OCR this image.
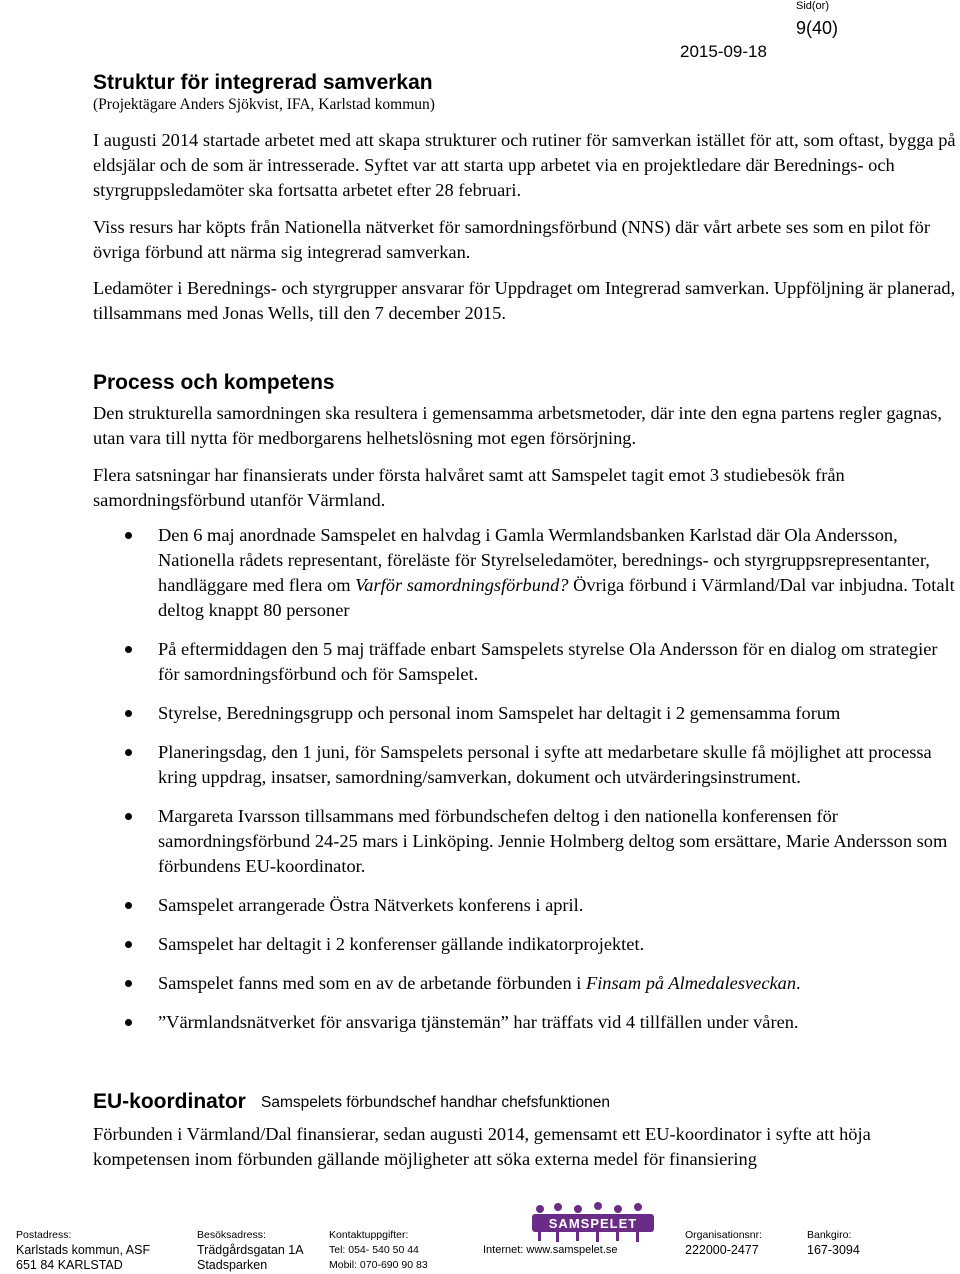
Sid(or)
9(40)
2015-09-18
Struktur för integrerad samverkan
(Projektägare Anders Sjökvist, IFA, Karlstad kommun)

I augusti 2014 startade arbetet med att skapa strukturer och rutiner för samverkan istället för att, som oftast, bygga på eldsjälar och de som är intresserade. Syftet var att starta upp arbetet via en projektledare där Berednings- och styrgruppsledamöter ska fortsatta arbetet efter 28 februari.

Viss resurs har köpts från Nationella nätverket för samordningsförbund (NNS) där vårt arbete ses som en pilot för övriga förbund att närma sig integrerad samverkan.

Ledamöter i Berednings- och styrgrupper ansvarar för Uppdraget om Integrerad samverkan. Uppföljning är planerad, tillsammans med Jonas Wells, till den 7 december 2015.

Process och kompetens

Den strukturella samordningen ska resultera i gemensamma arbetsmetoder, där inte den egna partens regler gagnas, utan vara till nytta för medborgarens helhetslösning mot egen försörjning.

Flera satsningar har finansierats under första halvåret samt att Samspelet tagit emot 3 studiebesök från samordningsförbund utanför Värmland.

Den 6 maj anordnade Samspelet en halvdag i Gamla Wermlandsbanken Karlstad där Ola Andersson, Nationella rådets representant, föreläste för Styrelseledamöter, berednings- och styrgruppsrepresentanter, handläggare med flera om Varför samordningsförbund? Övriga förbund i Värmland/Dal var inbjudna. Totalt deltog knappt 80 personer
På eftermiddagen den 5 maj träffade enbart Samspelets styrelse Ola Andersson för en dialog om strategier för samordningsförbund och för Samspelet.
Styrelse, Beredningsgrupp och personal inom Samspelet har deltagit i 2 gemensamma forum
Planeringsdag, den 1 juni, för Samspelets personal i syfte att medarbetare skulle få möjlighet att processa kring uppdrag, insatser, samordning/samverkan, dokument och utvärderingsinstrument.
Margareta Ivarsson tillsammans med förbundschefen deltog i den nationella konferensen för samordningsförbund 24-25 mars i Linköping. Jennie Holmberg deltog som ersättare, Marie Andersson som förbundens EU-koordinator.
Samspelet arrangerade Östra Nätverkets konferens i april.
Samspelet har deltagit i 2 konferenser gällande indikatorprojektet.
Samspelet fanns med som en av de arbetande förbunden i Finsam på Almedalesveckan.
”Värmlandsnätverket för ansvariga tjänstemän” har träffats vid 4 tillfällen under våren.
EU-koordinator Samspelets förbundschef handhar chefsfunktionen

Förbunden i Värmland/Dal finansierar, sedan augusti 2014, gemensamt ett EU-koordinator i syfte att höja kompetensen inom förbunden gällande möjligheter att söka externa medel för finansiering

Postadress:
Karlstads kommun, ASF
651 84 KARLSTAD
Besöksadress:
Trädgårdsgatan 1A
Stadsparken
Kontaktuppgifter:
Tel: 054- 540 50 44
Mobil: 070-690 90 83
SAMSPELET
Internet: www.samspelet.se
Organisationsnr:
222000-2477
Bankgiro:
167-3094
